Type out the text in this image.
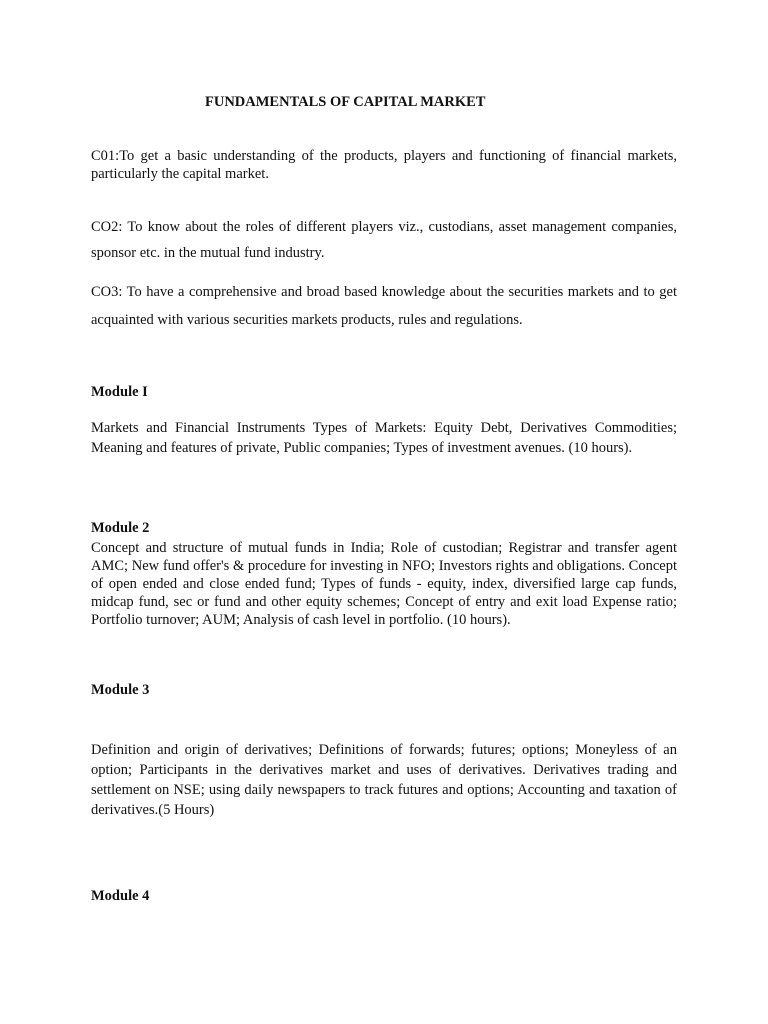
FUNDAMENTALS OF CAPITAL MARKET

C01:To get a basic understanding of the products, players and functioning of financial markets, particularly the capital market.

CO2: To know about the roles of different players viz., custodians, asset management companies, sponsor etc. in the mutual fund industry.

CO3: To have a comprehensive and broad based knowledge about the securities markets and to get acquainted with various securities markets products, rules and regulations.

Module I

Markets and Financial Instruments Types of Markets: Equity Debt, Derivatives Commodities; Meaning and features of private, Public companies; Types of investment avenues. (10 hours).

Module 2

Concept and structure of mutual funds in India; Role of custodian; Registrar and transfer agent AMC; New fund offer's & procedure for investing in NFO; Investors rights and obligations. Concept of open ended and close ended fund; Types of funds - equity, index, diversified large cap funds, midcap fund, sec or fund and other equity schemes; Concept of entry and exit load Expense ratio; Portfolio turnover; AUM; Analysis of cash level in portfolio. (10 hours).

Module 3

Definition and origin of derivatives; Definitions of forwards; futures; options; Moneyless of an option; Participants in the derivatives market and uses of derivatives. Derivatives trading and settlement on NSE; using daily newspapers to track futures and options; Accounting and taxation of derivatives.(5 Hours)

Module 4
